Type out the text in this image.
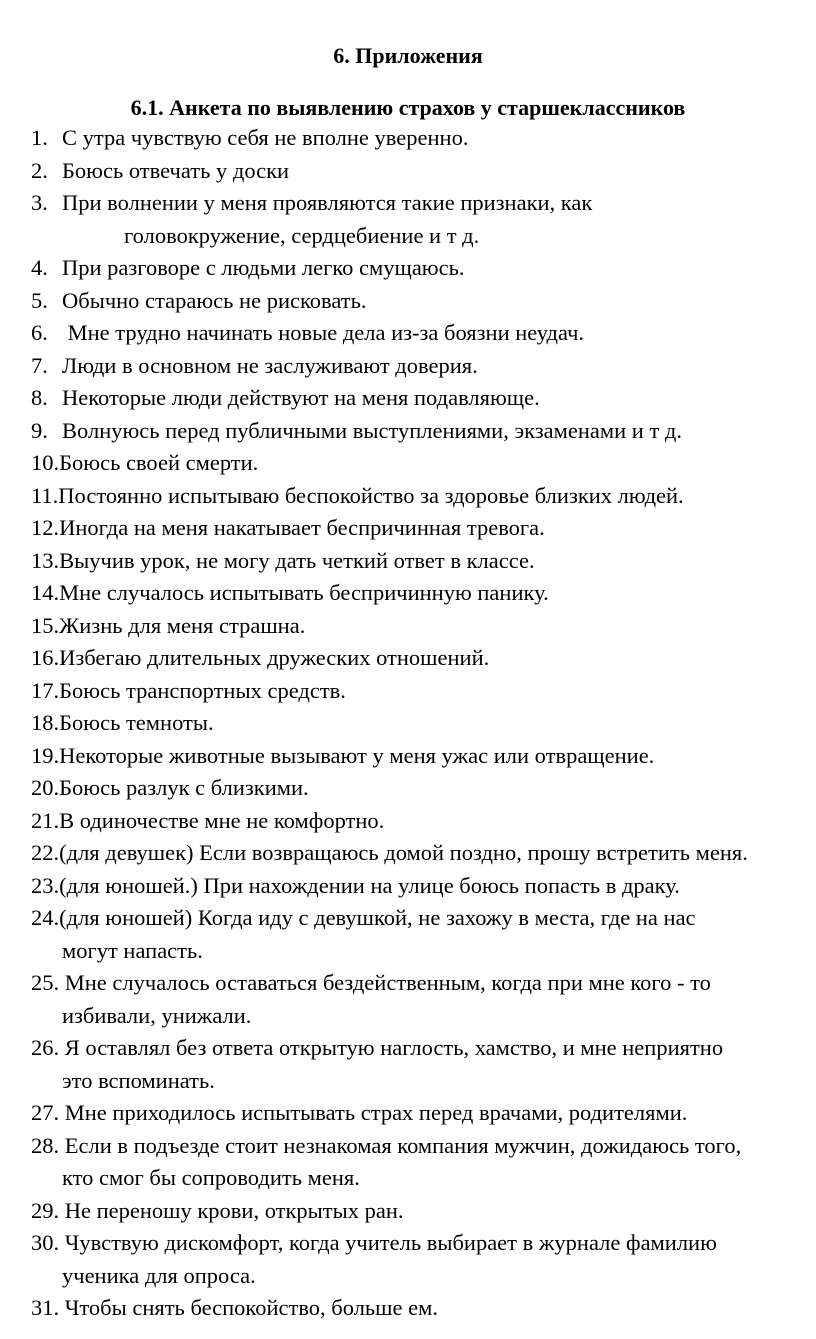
6. Приложения
6.1. Анкета по выявлению страхов у старшеклассников
1. С утра чувствую себя не вполне уверенно.
2. Боюсь отвечать у доски
3. При волнении у меня проявляются такие признаки, как
головокружение, сердцебиение и т д.
4. При разговоре с людьми легко смущаюсь.
5. Обычно стараюсь не рисковать.
6. Мне трудно начинать новые дела из-за боязни неудач.
7. Люди в основном не заслуживают доверия.
8. Некоторые люди действуют на меня подавляюще.
9. Волнуюсь перед публичными выступлениями, экзаменами и т д.
10.Боюсь своей смерти.
11.Постоянно испытываю беспокойство за здоровье близких людей.
12.Иногда на меня накатывает беспричинная тревога.
13.Выучив урок, не могу дать четкий ответ в классе.
14.Мне случалось испытывать беспричинную панику.
15.Жизнь для меня страшна.
16.Избегаю длительных дружеских отношений.
17.Боюсь транспортных средств.
18.Боюсь темноты.
19.Некоторые животные вызывают у меня ужас или отвращение.
20.Боюсь разлук с близкими.
21.В одиночестве мне не комфортно.
22.(для девушек) Если возвращаюсь домой поздно, прошу встретить меня.
23.(для юношей.) При нахождении на улице боюсь попасть в драку.
24.(для юношей) Когда иду с девушкой, не захожу в места, где на нас
могут напасть.
25. Мне случалось оставаться бездейственным, когда при мне кого - то
избивали, унижали.
26. Я оставлял без ответа открытую наглость, хамство, и мне неприятно
это вспоминать.
27. Мне приходилось испытывать страх перед врачами, родителями.
28. Если в подъезде стоит незнакомая компания мужчин, дожидаюсь того,
кто смог бы сопроводить меня.
29. Не переношу крови, открытых ран.
30. Чувствую дискомфорт, когда учитель выбирает в журнале фамилию
ученика для опроса.
31. Чтобы снять беспокойство, больше ем.
